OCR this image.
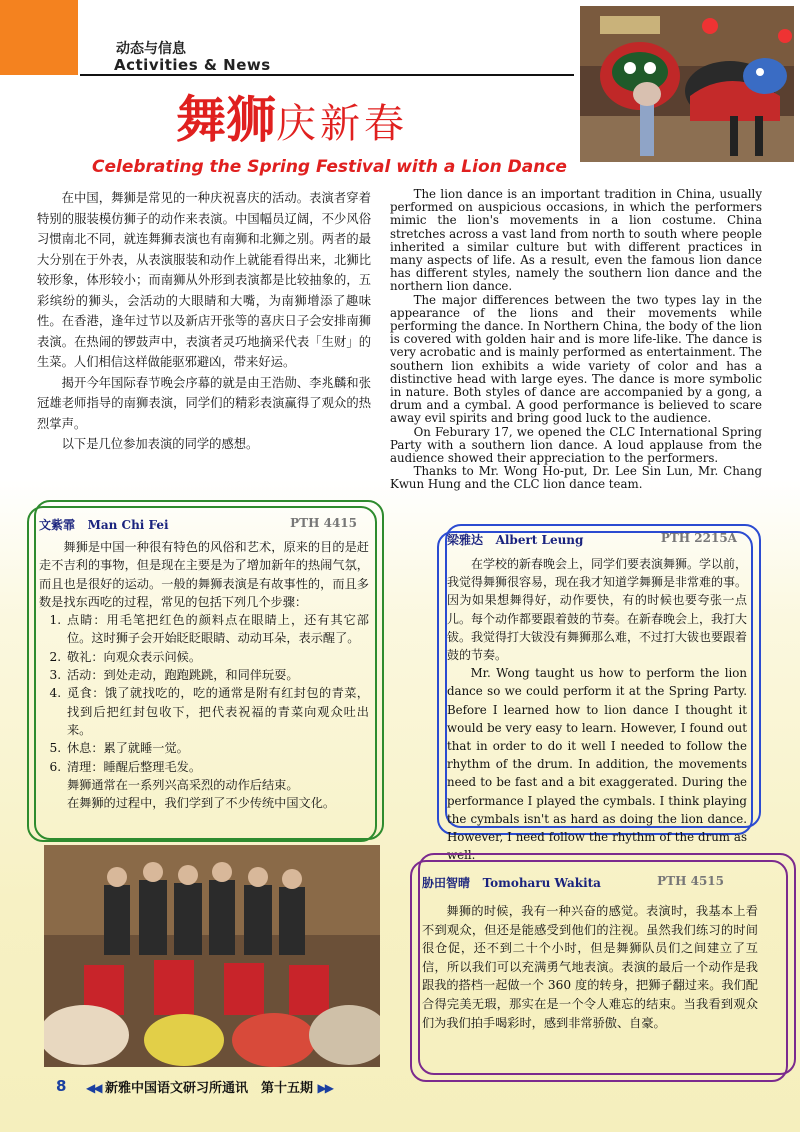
动态与信息
Activities & News
舞狮庆新春
Celebrating the Spring Festival with a Lion Dance

在中国，舞狮是常见的一种庆祝喜庆的活动。表演者穿着特别的服装模仿狮子的动作来表演。中国幅员辽阔，不少风俗习惯南北不同，就连舞狮表演也有南狮和北狮之别。两者的最大分别在于外表，从表演服装和动作上就能看得出来，北狮比较形象，体形较小；而南狮从外形到表演都是比较抽象的，五彩缤纷的狮头，会活动的大眼睛和大嘴，为南狮增添了趣味性。在香港，逢年过节以及新店开张等的喜庆日子会安排南狮表演。在热闹的锣鼓声中，表演者灵巧地摘采代表「生财」的生菜。人们相信这样做能驱邪避凶，带来好运。

揭开今年国际春节晚会序幕的就是由王浩勋、李兆麟和张冠雄老师指导的南狮表演，同学们的精彩表演赢得了观众的热烈掌声。

以下是几位参加表演的同学的感想。

The lion dance is an important tradition in China, usually performed on auspicious occasions, in which the performers mimic the lion's movements in a lion costume. China stretches across a vast land from north to south where people inherited a similar culture but with different practices in many aspects of life. As a result, even the famous lion dance has different styles, namely the southern lion dance and the northern lion dance.

The major differences between the two types lay in the appearance of the lions and their movements while performing the dance. In Northern China, the body of the lion is covered with golden hair and is more life-like. The dance is very acrobatic and is mainly performed as entertainment. The southern lion exhibits a wide variety of color and has a distinctive head with large eyes. The dance is more symbolic in nature. Both styles of dance are accompanied by a gong, a drum and a cymbal. A good performance is believed to scare away evil spirits and bring good luck to the audience.

On Feburary 17, we opened the CLC International Spring Party with a southern lion dance. A loud applause from the audience showed their appreciation to the performers.

Thanks to Mr. Wong Ho-put, Dr. Lee Sin Lun, Mr. Chang Kwun Hung and the CLC lion dance team.

文紫霏 Man Chi Fei	PTH 4415

舞狮是中国一种很有特色的风俗和艺术，原来的目的是赶走不吉利的事物，但是现在主要是为了增加新年的热闹气氛，而且也是很好的运动。一般的舞狮表演是有故事性的，而且多数是找东西吃的过程，常见的包括下列几个步骤：

1. 点睛：用毛笔把红色的颜料点在眼睛上，还有其它部位。这时狮子会开始眨眨眼睛、动动耳朵，表示醒了。
2. 敬礼：向观众表示问候。
3. 活动：到处走动，跑跑跳跳，和同伴玩耍。
4. 觅食：饿了就找吃的，吃的通常是附有红封包的青菜，找到后把红封包收下，把代表祝福的青菜向观众吐出来。
5. 休息：累了就睡一觉。
6. 清理：睡醒后整理毛发。
舞狮通常在一系列兴高采烈的动作后结束。
在舞狮的过程中，我们学到了不少传统中国文化。
梁雅达 Albert Leung	PTH 2215A

在学校的新春晚会上，同学们要表演舞狮。学以前，我觉得舞狮很容易，现在我才知道学舞狮是非常难的事。因为如果想舞得好，动作要快，有的时候也要夸张一点儿。每个动作都要跟着鼓的节奏。在新春晚会上，我打大钹。我觉得打大钹没有舞狮那么难，不过打大钹也要跟着鼓的节奏。

Mr. Wong taught us how to perform the lion dance so we could perform it at the Spring Party. Before I learned how to lion dance I thought it would be very easy to learn. However, I found out that in order to do it well I needed to follow the rhythm of the drum. In addition, the movements need to be fast and a bit exaggerated. During the performance I played the cymbals. I think playing the cymbals isn't as hard as doing the lion dance. However, I need follow the rhythm of the drum as well.

胁田智晴 Tomoharu Wakita	PTH 4515

舞狮的时候，我有一种兴奋的感觉。表演时，我基本上看不到观众，但还是能感受到他们的注视。虽然我们练习的时间很仓促，还不到二十个小时，但是舞狮队员们之间建立了互信，所以我们可以充满勇气地表演。表演的最后一个动作是我跟我的搭档一起做一个 360 度的转身，把狮子翻过来。我们配合得完美无瑕，那实在是一个令人难忘的结束。当我看到观众们为我们拍手喝彩时，感到非常骄傲、自豪。

8 ◀◀ 新雅中国语文研习所通讯　第十五期 ▶▶
